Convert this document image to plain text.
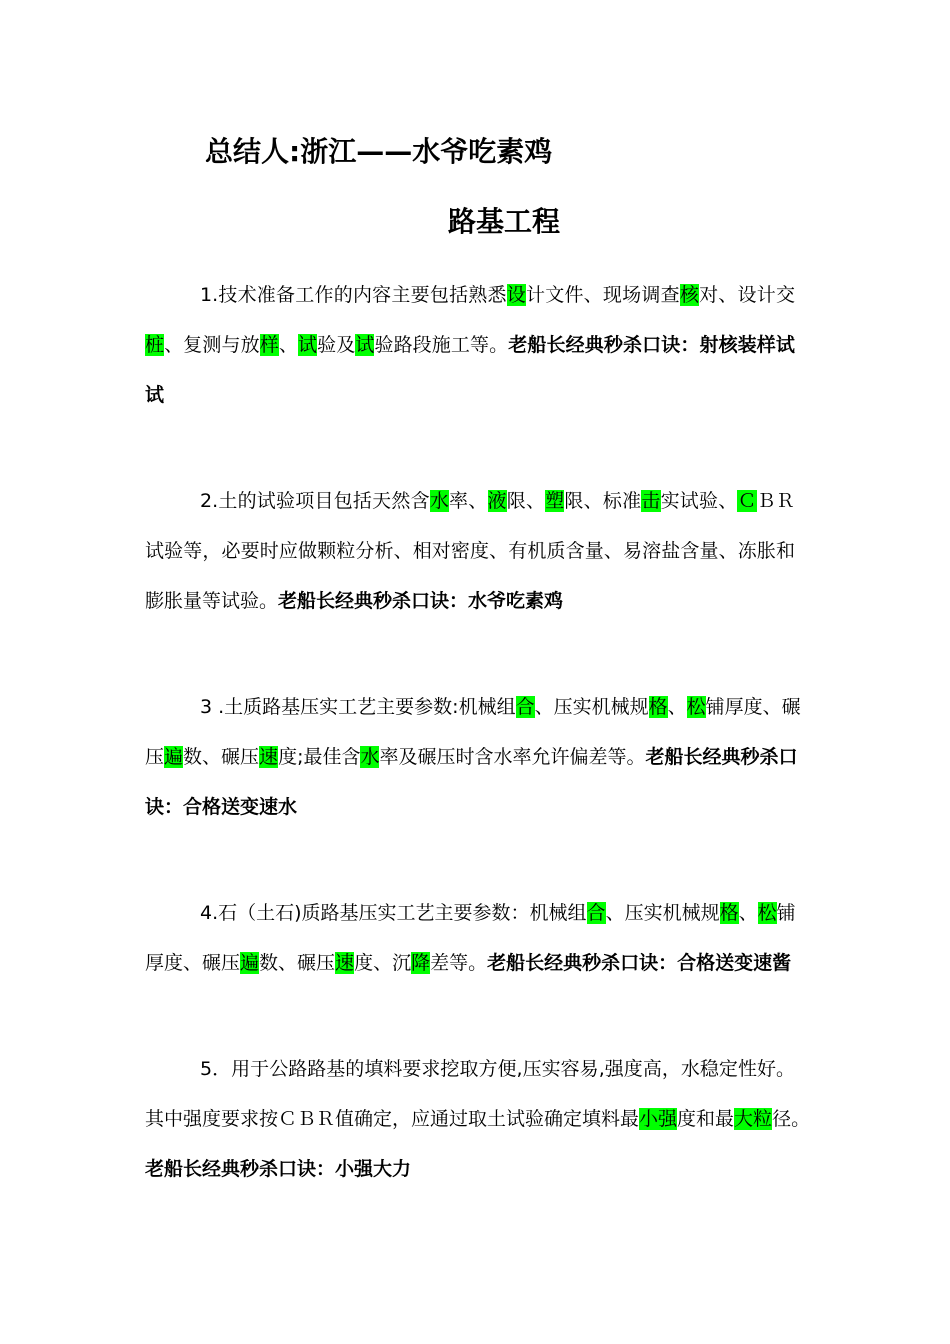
总结人:浙江——水爷吃素鸡
路基工程
1.技术准备工作的内容主要包括熟悉设计文件、现场调查核对、设计交
桩、复测与放样、试验及试验路段施工等。老船长经典秒杀口诀：射核装样试
试
2.土的试验项目包括天然含水率、液限、塑限、标准击实试验、ＣＢＲ
试验等，必要时应做颗粒分析、相对密度、有机质含量、易溶盐含量、冻胀和
膨胀量等试验。老船长经典秒杀口诀：水爷吃素鸡
3 .土质路基压实工艺主要参数:机械组合、压实机械规格、松铺厚度、碾
压遍数、碾压速度;最佳含水率及碾压时含水率允许偏差等。老船长经典秒杀口
诀：合格送变速水
4.石（土石)质路基压实工艺主要参数：机械组合、压实机械规格、松铺
厚度、碾压遍数、碾压速度、沉降差等。老船长经典秒杀口诀：合格送变速酱
5．用于公路路基的填料要求挖取方便,压实容易,强度高，水稳定性好。
其中强度要求按ＣＢＲ值确定，应通过取土试验确定填料最小强度和最大粒径。
老船长经典秒杀口诀：小强大力
